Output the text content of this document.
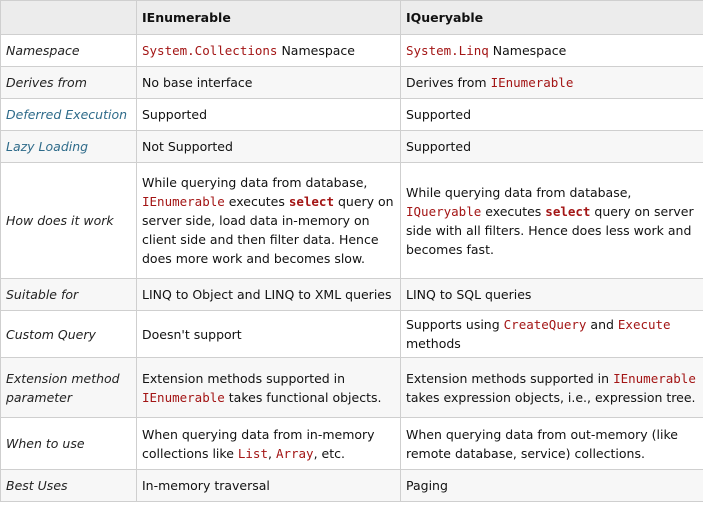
	IEnumerable	IQueryable
Namespace	System.Collections Namespace	System.Linq Namespace
Derives from	No base interface	Derives from IEnumerable
Deferred Execution	Supported	Supported
Lazy Loading	Not Supported	Supported
How does it work	While querying data from database, IEnumerable executes select query on server side, load data in-memory on client side and then filter data. Hence does more work and becomes slow.	While querying data from database, IQueryable executes select query on server side with all filters. Hence does less work and becomes fast.
Suitable for	LINQ to Object and LINQ to XML queries	LINQ to SQL queries
Custom Query	Doesn't support	Supports using CreateQuery and Execute methods
Extension method parameter	Extension methods supported in IEnumerable takes functional objects.	Extension methods supported in IEnumerable takes expression objects, i.e., expression tree.
When to use	When querying data from in-memory collections like List, Array, etc.	When querying data from out-memory (like remote database, service) collections.
Best Uses	In-memory traversal	Paging
